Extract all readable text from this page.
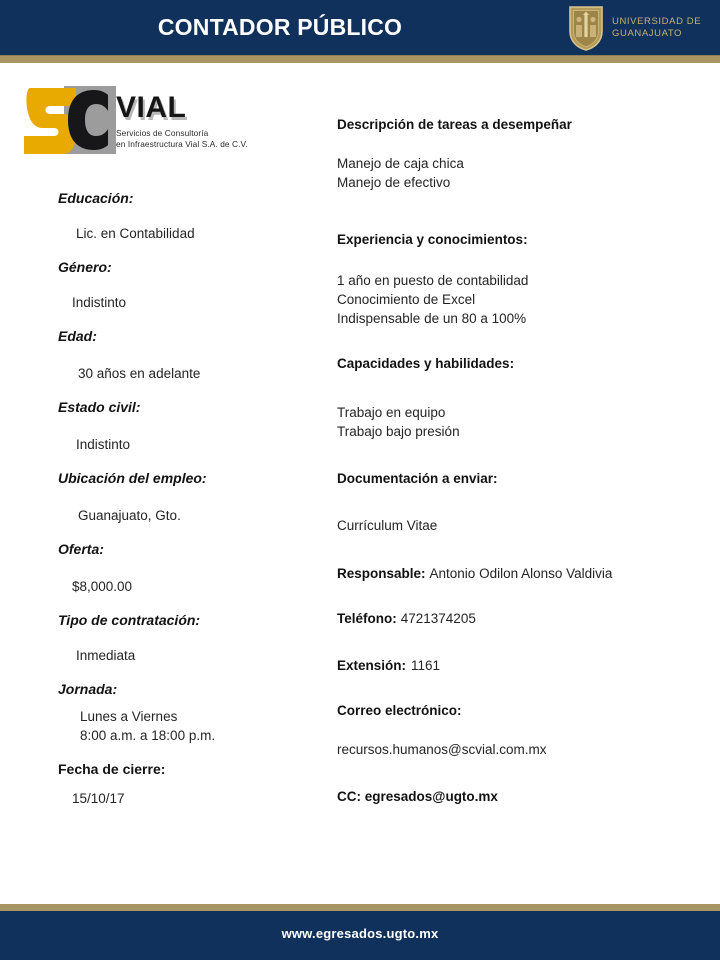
CONTADOR PÚBLICO	UNIVERSIDAD DE
GUANAJUATO
VIAL
Servicios de Consultoría
en Infraestructura Vial S.A. de C.V.
Educación:
Lic. en Contabilidad
Género:
Indistinto
Edad:
30 años en adelante
Estado civil:
Indistinto
Ubicación del empleo:
Guanajuato, Gto.
Oferta:
$8,000.00
Tipo de contratación:
Inmediata
Jornada:
Lunes a Viernes
8:00 a.m. a 18:00 p.m.
Fecha de cierre:
15/10/17
Descripción de tareas a desempeñar
Manejo de caja chica
Manejo de efectivo
Experiencia y conocimientos:
1 año en puesto de contabilidad
Conocimiento de Excel
Indispensable de un 80 a 100%
Capacidades y habilidades:
Trabajo en equipo
Trabajo bajo presión
Documentación a enviar:
Currículum Vitae
Responsable: Antonio Odilon Alonso Valdivia
Teléfono: 4721374205
Extensión: 1161
Correo electrónico:
recursos.humanos@scvial.com.mx
CC: egresados@ugto.mx
www.egresados.ugto.mx
